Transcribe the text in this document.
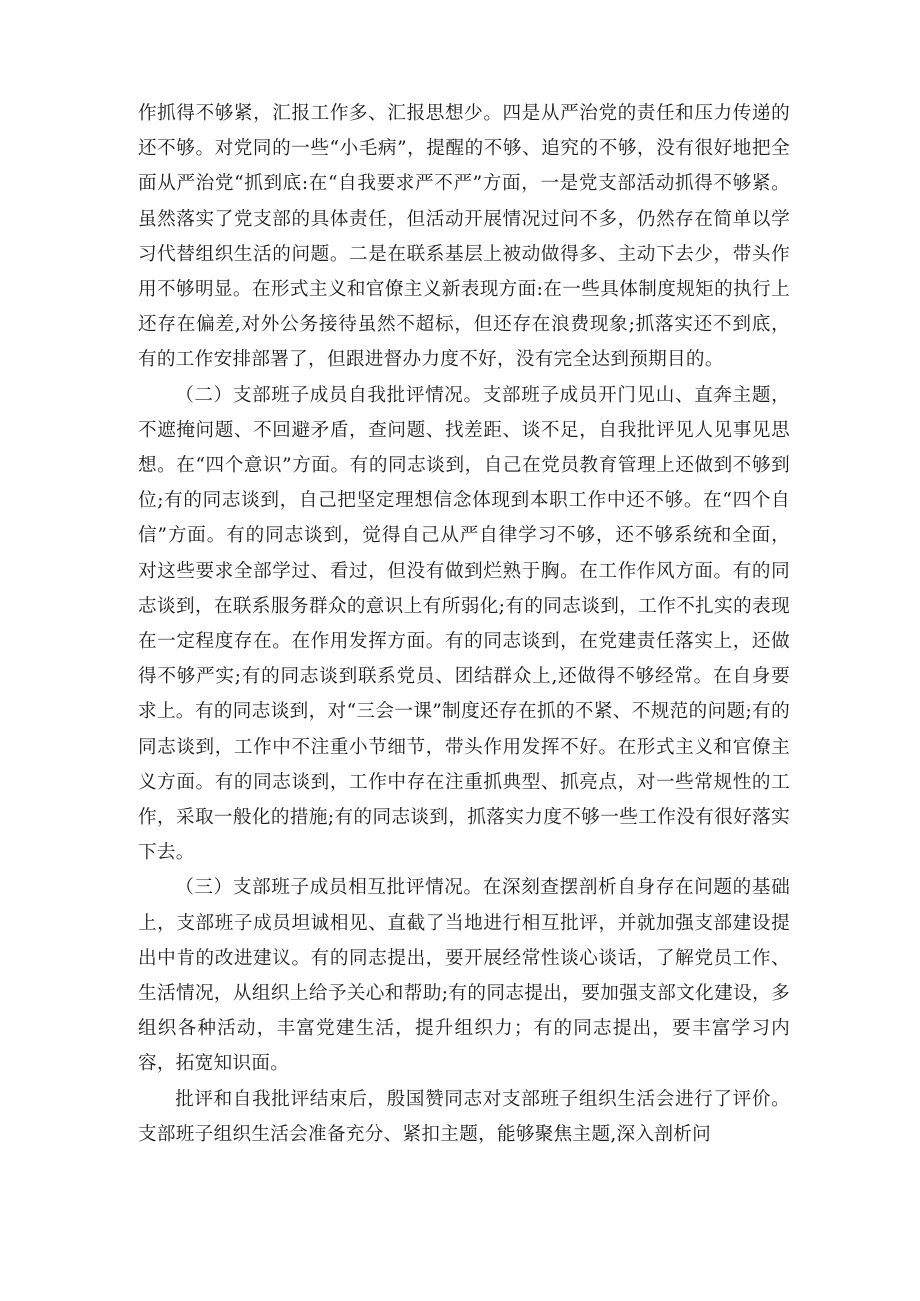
作抓得不够紧，汇报工作多、汇报思想少。四是从严治党的责任和压力传递的还不够。对党同的一些“小毛病”，提醒的不够、追究的不够，没有很好地把全面从严治党“抓到底:在“自我要求严不严”方面，一是党支部活动抓得不够紧。虽然落实了党支部的具体责任，但活动开展情况过问不多，仍然存在简单以学习代替组织生活的问题。二是在联系基层上被动做得多、主动下去少，带头作用不够明显。在形式主义和官僚主义新表现方面:在一些具体制度规矩的执行上还存在偏差,对外公务接待虽然不超标，但还存在浪费现象;抓落实还不到底，有的工作安排部署了，但跟进督办力度不好，没有完全达到预期目的。

（二）支部班子成员自我批评情况。支部班子成员开门见山、直奔主题，不遮掩问题、不回避矛盾，查问题、找差距、谈不足，自我批评见人见事见思想。在“四个意识”方面。有的同志谈到，自己在党员教育管理上还做到不够到位;有的同志谈到，自己把坚定理想信念体现到本职工作中还不够。在“四个自信”方面。有的同志谈到，觉得自己从严自律学习不够，还不够系统和全面，对这些要求全部学过、看过，但没有做到烂熟于胸。在工作作风方面。有的同志谈到，在联系服务群众的意识上有所弱化;有的同志谈到，工作不扎实的表现在一定程度存在。在作用发挥方面。有的同志谈到，在党建责任落实上，还做得不够严实;有的同志谈到联系党员、团结群众上,还做得不够经常。在自身要求上。有的同志谈到，对“三会一课”制度还存在抓的不紧、不规范的问题;有的同志谈到，工作中不注重小节细节，带头作用发挥不好。在形式主义和官僚主义方面。有的同志谈到，工作中存在注重抓典型、抓亮点，对一些常规性的工作，采取一般化的措施;有的同志谈到，抓落实力度不够一些工作没有很好落实下去。

（三）支部班子成员相互批评情况。在深刻查摆剖析自身存在问题的基础上，支部班子成员坦诚相见、直截了当地进行相互批评，并就加强支部建设提出中肯的改进建议。有的同志提出，要开展经常性谈心谈话，了解党员工作、生活情况，从组织上给予关心和帮助;有的同志提出，要加强支部文化建设，多组织各种活动，丰富党建生活，提升组织力；有的同志提出，要丰富学习内容，拓宽知识面。

批评和自我批评结束后，殷国赞同志对支部班子组织生活会进行了评价。支部班子组织生活会准备充分、紧扣主题，能够聚焦主题,深入剖析问
